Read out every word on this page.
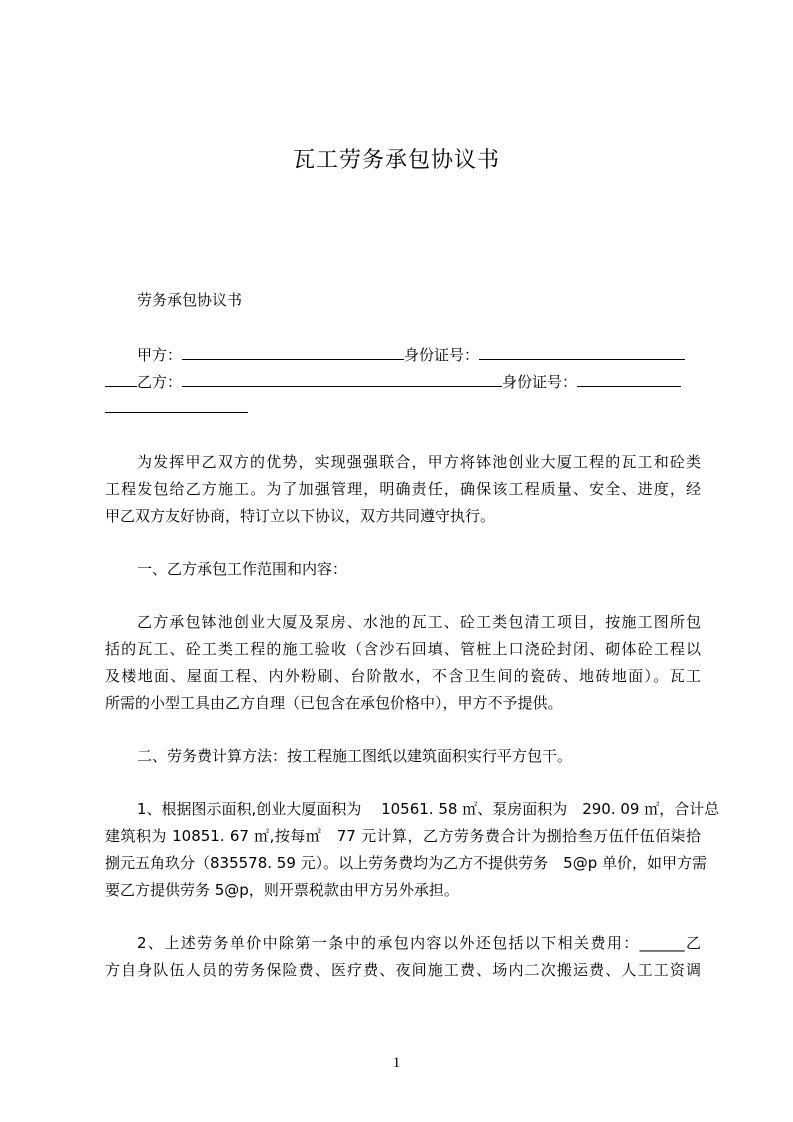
瓦工劳务承包协议书
劳务承包协议书
甲方：	身份证号：
乙方：	身份证号：
为发挥甲乙双方的优势，实现强强联合，甲方将钵池创业大厦工程的瓦工和砼类
工程发包给乙方施工。为了加强管理，明确责任，确保该工程质量、安全、进度，经
甲乙双方友好协商，特订立以下协议，双方共同遵守执行。
一、乙方承包工作范围和内容：
乙方承包钵池创业大厦及泵房、水池的瓦工、砼工类包清工项目，按施工图所包
括的瓦工、砼工类工程的施工验收（含沙石回填、管桩上口浇砼封闭、砌体砼工程以
及楼地面、屋面工程、内外粉刷、台阶散水，不含卫生间的瓷砖、地砖地面）。瓦工
所需的小型工具由乙方自理（已包含在承包价格中），甲方不予提供。
二、劳务费计算方法：按工程施工图纸以建筑面积实行平方包干。
1、根据图示面积,创业大厦面积为　 10561. 58 ㎡、泵房面积为　290. 09 ㎡，合计总
建筑积为 10851. 67 ㎡,按每㎡　77 元计算，乙方劳务费合计为捌拾叁万伍仟伍佰柒拾
捌元五角玖分（835578. 59 元）。以上劳务费均为乙方不提供劳务　5@p 单价，如甲方需
要乙方提供劳务 5@p，则开票税款由甲方另外承担。
2、上述劳务单价中除第一条中的承包内容以外还包括以下相关费用：______乙
方自身队伍人员的劳务保险费、医疗费、夜间施工费、场内二次搬运费、人工工资调
1
